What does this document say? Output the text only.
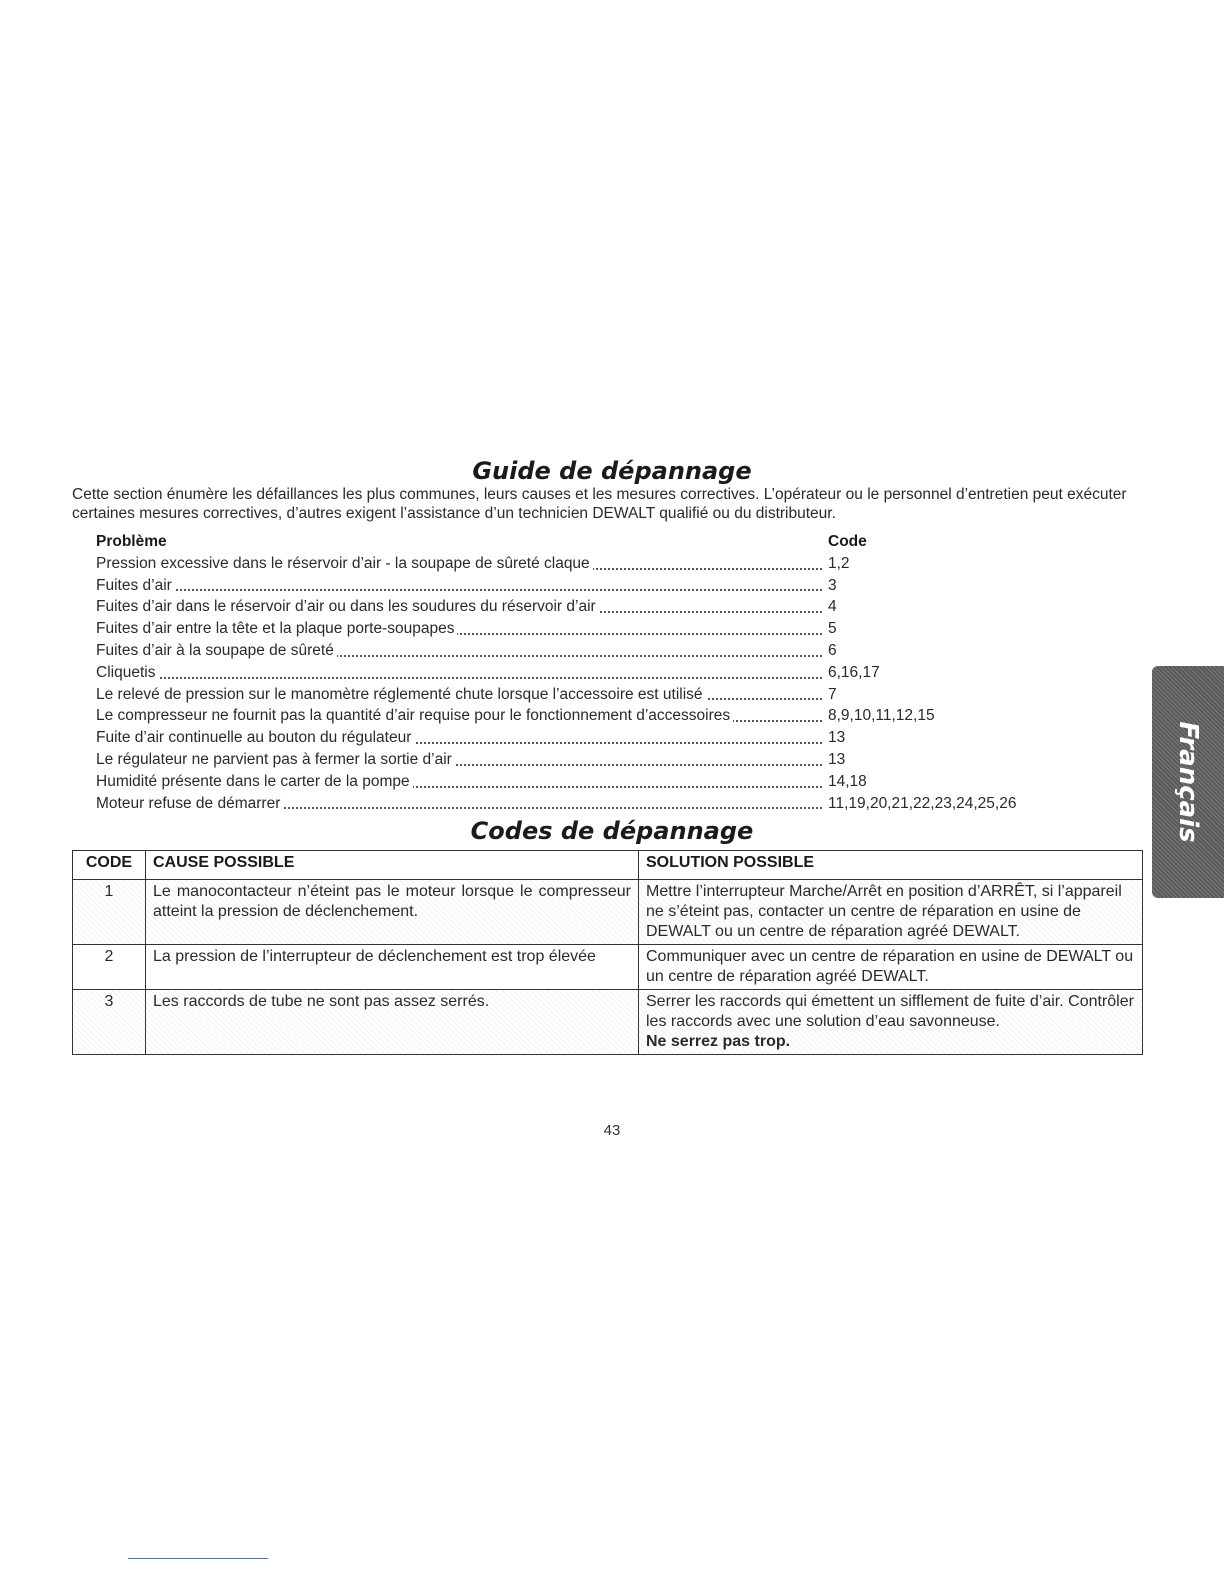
Guide de dépannage
Cette section énumère les défaillances les plus communes, leurs causes et les mesures correctives. L’opérateur ou le personnel d’entretien peut exécuter certaines mesures correctives, d’autres exigent l’assistance d’un technicien DEWALT qualifié ou du distributeur.
Problème	Code
Pression excessive dans le réservoir d’air - la soupape de sûreté claque	1,2
Fuites d’air	3
Fuites d’air dans le réservoir d’air ou dans les soudures du réservoir d’air	4
Fuites d’air entre la tête et la plaque porte-soupapes	5
Fuites d’air à la soupape de sûreté	6
Cliquetis	6,16,17
Le relevé de pression sur le manomètre réglementé chute lorsque l’accessoire est utilisé	7
Le compresseur ne fournit pas la quantité d’air requise pour le fonctionnement d’accessoires	8,9,10,11,12,15
Fuite d’air continuelle au bouton du régulateur	13
Le régulateur ne parvient pas à fermer la sortie d’air	13
Humidité présente dans le carter de la pompe	14,18
Moteur refuse de démarrer	11,19,20,21,22,23,24,25,26
Codes de dépannage
CODE	CAUSE POSSIBLE	SOLUTION POSSIBLE
1	Le manocontacteur n’éteint pas le moteur lorsque le compresseur atteint la pression de déclenchement.	Mettre l’interrupteur Marche/Arrêt en position d’ARRÊT, si l’appareil ne s’éteint pas, contacter un centre de réparation en usine de DEWALT ou un centre de réparation agréé DEWALT.
2	La pression de l’interrupteur de déclenchement est trop élevée	Communiquer avec un centre de réparation en usine de DEWALT ou un centre de réparation agréé DEWALT.
3	Les raccords de tube ne sont pas assez serrés.	Serrer les raccords qui émettent un sifflement de fuite d’air. Contrôler les raccords avec une solution d’eau savonneuse.
Ne serrez pas trop.
43
Français
